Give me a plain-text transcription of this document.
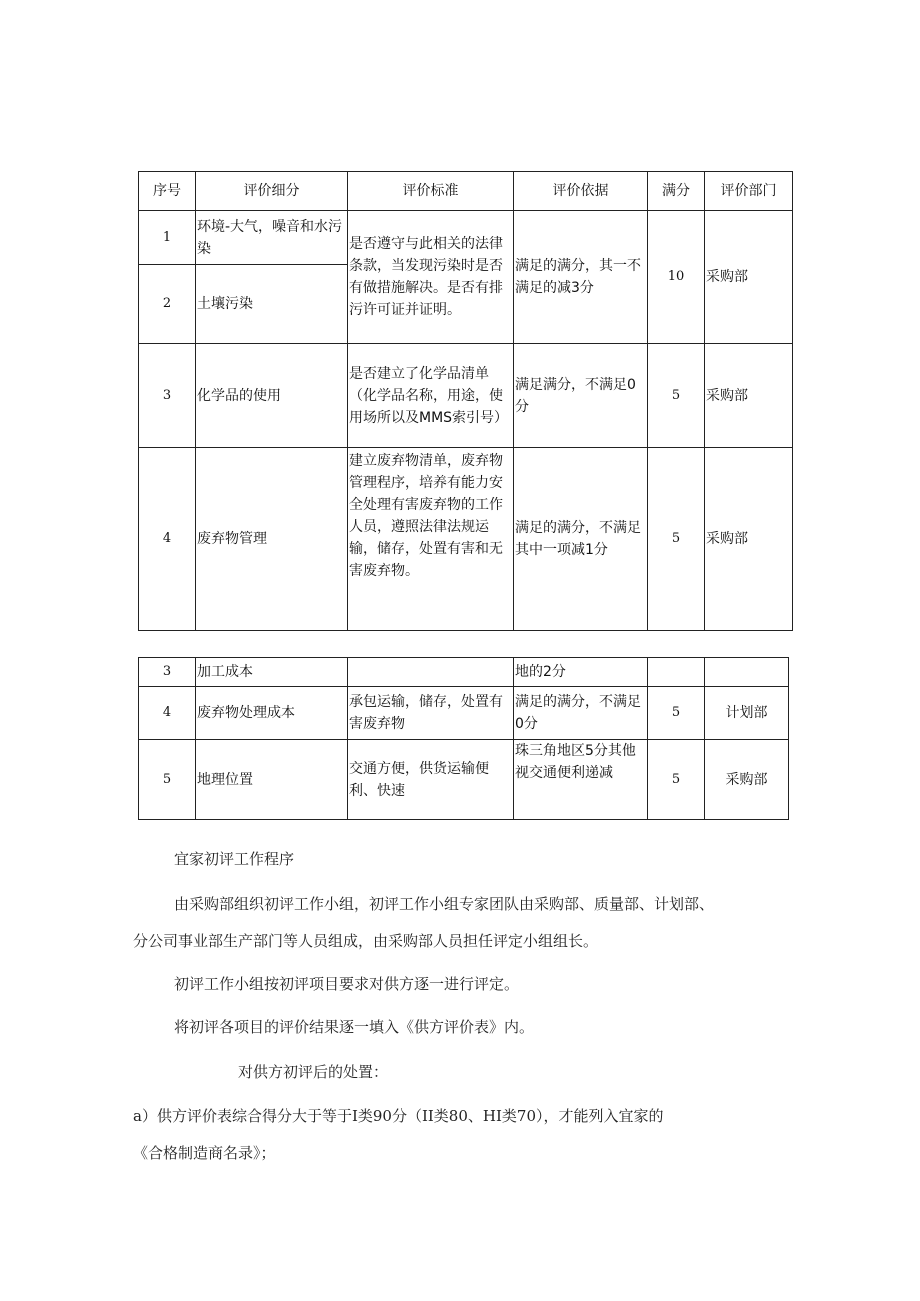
序号	评价细分	评价标准	评价依据	满分	评价部门
1	环境-大气，噪音和水污染	是否遵守与此相关的法律条款，当发现污染时是否有做措施解决。是否有排污许可证并证明。	满足的满分，其一不满足的减3分	10	采购部
2	土壤污染				
3	化学品的使用	是否建立了化学品清单（化学品名称，用途，使用场所以及MMS索引号）	满足满分，不满足0分	5	采购部
4	废弃物管理	建立废弃物清单，废弃物管理程序，培养有能力安全处理有害废弃物的工作人员，遵照法律法规运输，储存，处置有害和无害废弃物。	满足的满分，不满足其中一项减1分	5	采购部
3	加工成本		地的2分		
4	废弃物处理成本	承包运输，储存，处置有害废弃物	满足的满分，不满足0分	5	计划部
5	地理位置	交通方便，供货运输便利、快速	珠三角地区5分其他视交通便利递减	5	采购部

宜家初评工作程序

由采购部组织初评工作小组，初评工作小组专家团队由采购部、质量部、计划部、

分公司事业部生产部门等人员组成，由采购部人员担任评定小组组长。

初评工作小组按初评项目要求对供方逐一进行评定。

将初评各项目的评价结果逐一填入《供方评价表》内。

对供方初评后的处置：

a）供方评价表综合得分大于等于I类90分（II类80、HI类70），才能列入宜家的

《合格制造商名录》；
